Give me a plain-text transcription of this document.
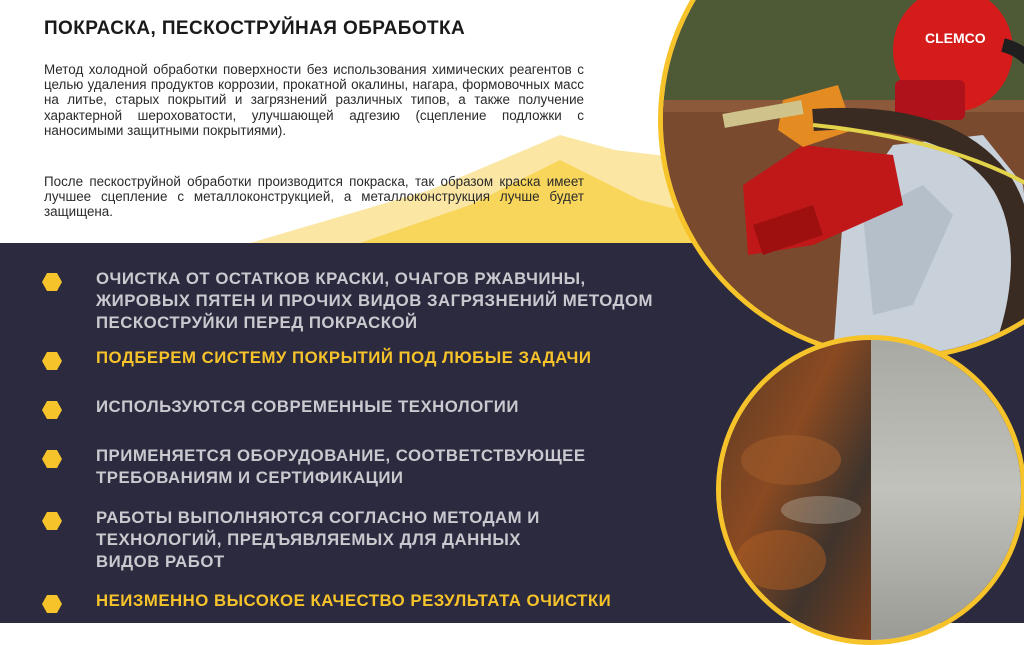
ПОКРАСКА, ПЕСКОСТРУЙНАЯ ОБРАБОТКА

Метод холодной обработки поверхности без использования химических реагентов с целью удаления продуктов коррозии, прокатной окалины, нагара, формовочных масс на литье, старых покрытий и загрязнений различных типов, а также получение характерной шероховатости, улучшающей адгезию (сцепление подложки с наносимыми защитными покрытиями).

После пескоструйной обработки производится покраска, так образом краска имеет лучшее сцепление с металлоконструкцией, а металлоконструкция лучше будет защищена.

ОЧИСТКА ОТ ОСТАТКОВ КРАСКИ, ОЧАГОВ РЖАВЧИНЫ, ЖИРОВЫХ ПЯТЕН И ПРОЧИХ ВИДОВ ЗАГРЯЗНЕНИЙ МЕТОДОМ ПЕСКОСТРУЙКИ ПЕРЕД ПОКРАСКОЙ
ПОДБЕРЕМ СИСТЕМУ ПОКРЫТИЙ ПОД ЛЮБЫЕ ЗАДАЧИ
ИСПОЛЬЗУЮТСЯ СОВРЕМЕННЫЕ ТЕХНОЛОГИИ
ПРИМЕНЯЕТСЯ ОБОРУДОВАНИЕ, СООТВЕТСТВУЮЩЕЕ ТРЕБОВАНИЯМ И СЕРТИФИКАЦИИ
РАБОТЫ ВЫПОЛНЯЮТСЯ СОГЛАСНО МЕТОДАМ И ТЕХНОЛОГИЙ, ПРЕДЪЯВЛЯЕМЫХ ДЛЯ ДАННЫХ ВИДОВ РАБОТ
НЕИЗМЕННО ВЫСОКОЕ КАЧЕСТВО РЕЗУЛЬТАТА ОЧИСТКИ
CLEMCO
